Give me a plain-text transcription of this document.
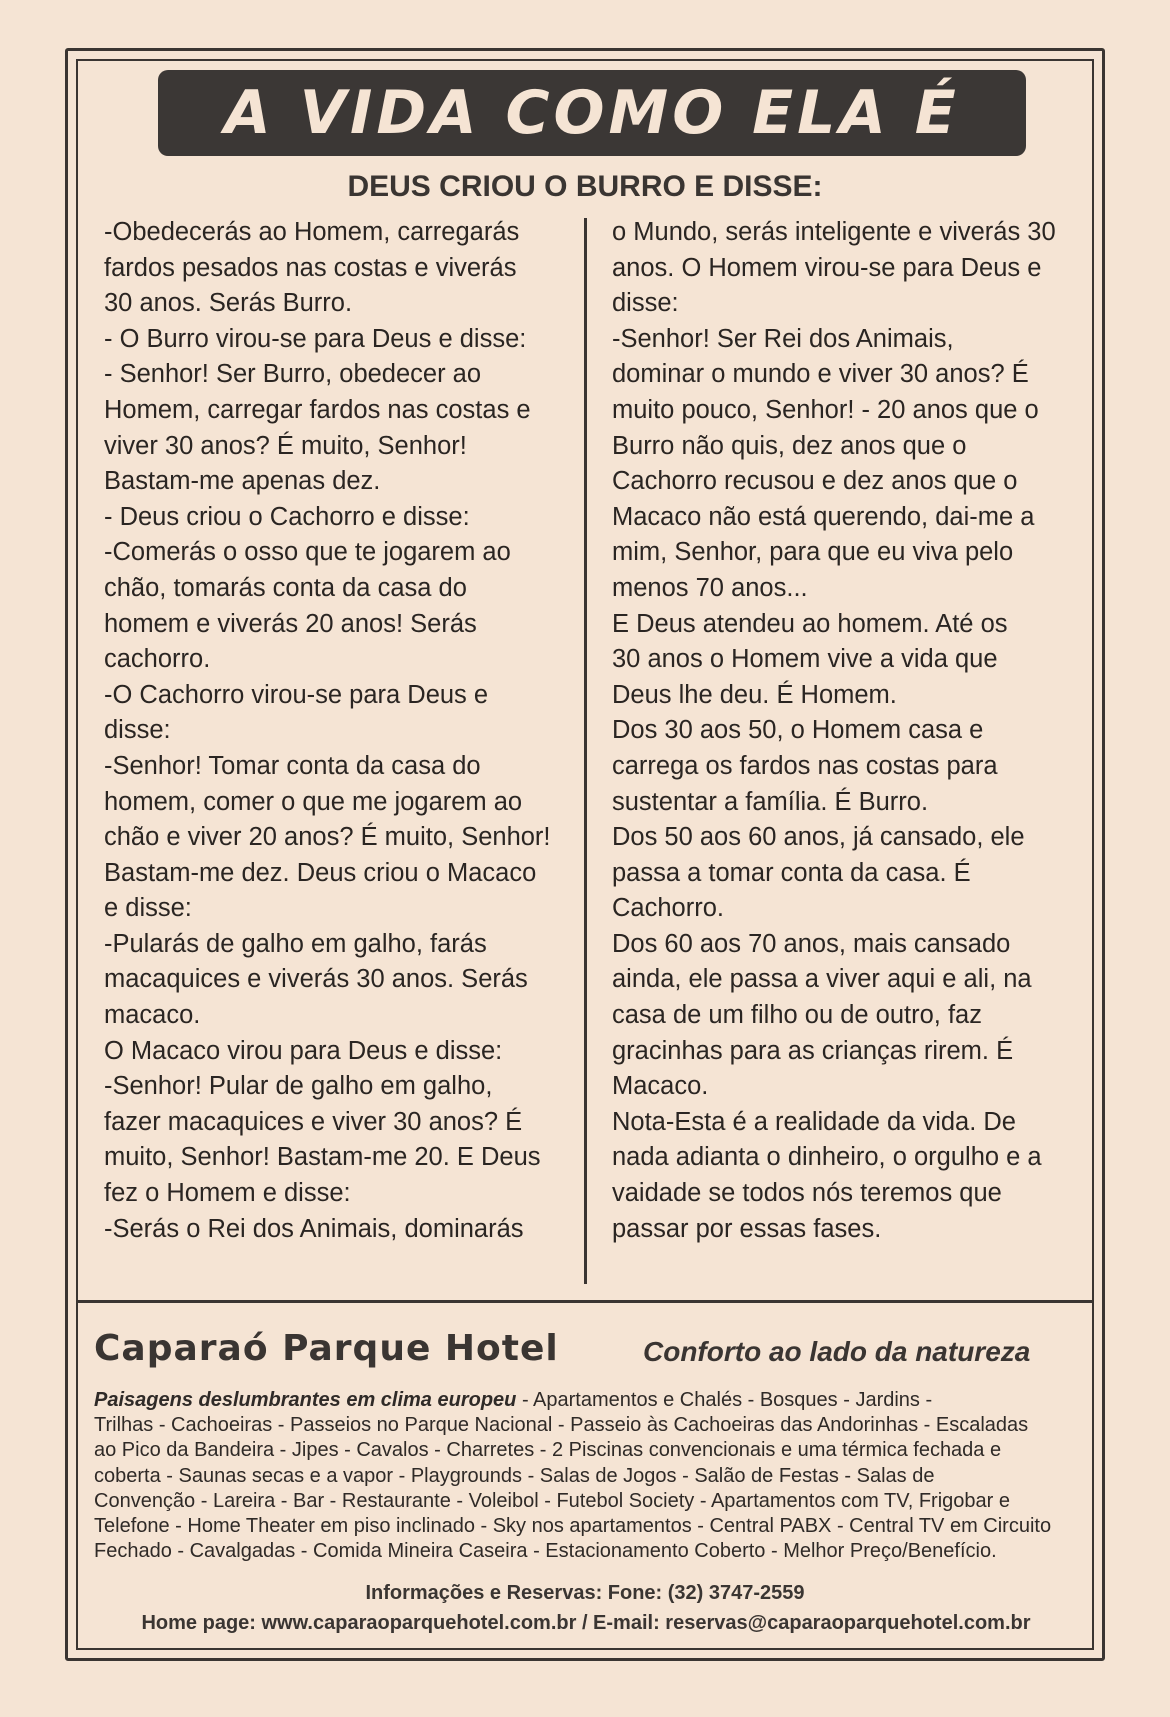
A VIDA COMO ELA É
DEUS CRIOU O BURRO E DISSE:

-Obedecerás ao Homem, carregarás

fardos pesados nas costas e viverás

30 anos. Serás Burro.

- O Burro virou-se para Deus e disse:

- Senhor! Ser Burro, obedecer ao

Homem, carregar fardos nas costas e

viver 30 anos? É muito, Senhor!

Bastam-me apenas dez.

- Deus criou o Cachorro e disse:

-Comerás o osso que te jogarem ao

chão, tomarás conta da casa do

homem e viverás 20 anos! Serás

cachorro.

-O Cachorro virou-se para Deus e

disse:

-Senhor! Tomar conta da casa do

homem, comer o que me jogarem ao

chão e viver 20 anos? É muito, Senhor!

Bastam-me dez. Deus criou o Macaco

e disse:

-Pularás de galho em galho, farás

macaquices e viverás 30 anos. Serás

macaco.

O Macaco virou para Deus e disse:

-Senhor! Pular de galho em galho,

fazer macaquices e viver 30 anos? É

muito, Senhor! Bastam-me 20. E Deus

fez o Homem e disse:

-Serás o Rei dos Animais, dominarás

o Mundo, serás inteligente e viverás 30

anos. O Homem virou-se para Deus e

disse:

-Senhor! Ser Rei dos Animais,

dominar o mundo e viver 30 anos? É

muito pouco, Senhor! - 20 anos que o

Burro não quis, dez anos que o

Cachorro recusou e dez anos que o

Macaco não está querendo, dai-me a

mim, Senhor, para que eu viva pelo

menos 70 anos...

E Deus atendeu ao homem. Até os

30 anos o Homem vive a vida que

Deus lhe deu. É Homem.

Dos 30 aos 50, o Homem casa e

carrega os fardos nas costas para

sustentar a família. É Burro.

Dos 50 aos 60 anos, já cansado, ele

passa a tomar conta da casa. É

Cachorro.

Dos 60 aos 70 anos, mais cansado

ainda, ele passa a viver aqui e ali, na

casa de um filho ou de outro, faz

gracinhas para as crianças rirem. É

Macaco.

Nota-Esta é a realidade da vida. De

nada adianta o dinheiro, o orgulho e a

vaidade se todos nós teremos que

passar por essas fases.

Caparaó Parque Hotel	Conforto ao lado da natureza
Paisagens deslumbrantes em clima europeu - Apartamentos e Chalés - Bosques - Jardins -
Trilhas - Cachoeiras - Passeios no Parque Nacional - Passeio às Cachoeiras das Andorinhas - Escaladas
ao Pico da Bandeira - Jipes - Cavalos - Charretes - 2 Piscinas convencionais e uma térmica fechada e
coberta - Saunas secas e a vapor - Playgrounds - Salas de Jogos - Salão de Festas - Salas de
Convenção - Lareira - Bar - Restaurante - Voleibol - Futebol Society - Apartamentos com TV, Frigobar e
Telefone - Home Theater em piso inclinado - Sky nos apartamentos - Central PABX - Central TV em Circuito
Fechado - Cavalgadas - Comida Mineira Caseira - Estacionamento Coberto - Melhor Preço/Benefício.
Informações e Reservas: Fone: (32) 3747-2559
Home page: www.caparaoparquehotel.com.br / E-mail: reservas@caparaoparquehotel.com.br
